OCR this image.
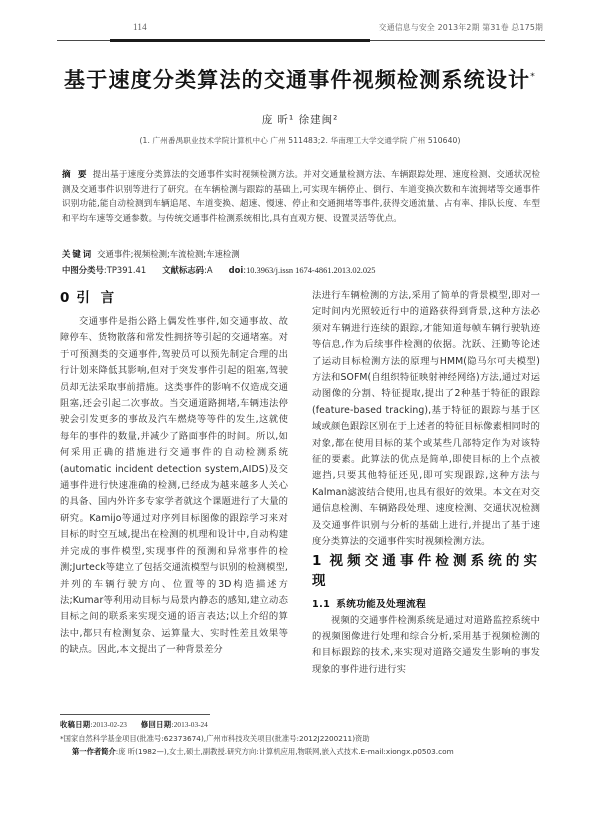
114	交通信息与安全 2013年2期 第31卷 总175期
基于速度分类算法的交通事件视频检测系统设计*
庞 昕¹ 徐建闽²
(1. 广州番禺职业技术学院计算机中心 广州 511483;2. 华南理工大学交通学院 广州 510640)

摘 要 提出基于速度分类算法的交通事件实时视频检测方法。并对交通量检测方法、车辆跟踪处理、速度检测、交通状况检测及交通事件识别等进行了研究。在车辆检测与跟踪的基础上,可实现车辆停止、倒行、车道变换次数和车流拥堵等交通事件识别功能,能自动检测到车辆追尾、车道变换、超速、慢速、停止和交通拥堵等事件,获得交通流量、占有率、排队长度、车型和平均车速等交通参数。与传统交通事件检测系统相比,具有直观方便、设置灵活等优点。

关键词 交通事件;视频检测;车流检测;车速检测
中图分类号:TP391.41 文献标志码:A doi:10.3963/j.issn 1674-4861.2013.02.025
0 引 言

交通事件是指公路上偶发性事件,如交通事故、故障停车、货物散落和常发性拥挤等引起的交通堵塞。对于可预测类的交通事件,驾驶员可以预先制定合理的出行计划来降低其影响,但对于突发事件引起的阻塞,驾驶员却无法采取事前措施。这类事件的影响不仅造成交通阻塞,还会引起二次事故。当交通道路拥堵,车辆违法停驶会引发更多的事故及汽车燃烧等等件的发生,这就使每年的事件的数量,并减少了路面事件的时间。所以,如何采用正确的措施进行交通事件的自动检测系统(automatic incident detection system,AIDS)及交通事件进行快速准确的检测,已经成为越来越多人关心的具备、国内外许多专家学者就这个课题进行了大量的研究。Kamijo等通过对序列目标图像的跟踪学习来对目标的时空互域,提出在检测的机理和设计中,自动构建并完成的事件模型,实现事件的预测和异常事件的检测;Jurteck等建立了包括交通流模型与识别的检测模型,并列的车辆行驶方向、位置等的3D构造描述方法;Kumar等利用动目标与局景内静态的感知,建立动态目标之间的联系来实现交通的语言表达;以上介绍的算法中,都只有检测复杂、运算量大、实时性差且效果等的缺点。因此,本文提出了一种背景差分

法进行车辆检测的方法,采用了简单的背景模型,即对一定时间内光照较近行中的道路获得到背景,这种方法必须对车辆进行连续的跟踪,才能知道每帧车辆行驶轨迹等信息,作为后续事件检测的依据。沈跃、汪勤等论述了运动目标检测方法的原理与HMM(隐马尔可夫模型)方法和SOFM(自组织特征映射神经网络)方法,通过对运动图像的分割、特征提取,提出了2种基于特征的跟踪(feature-based tracking),基于特征的跟踪与基于区域或颜色跟踪区别在于上述者的特征目标像素相同时的对象,都在使用目标的某个或某些几部特定作为对该特征的要素。此算法的优点是简单,即使目标的上个点被遮挡,只要其他特征还见,即可实现跟踪,这种方法与Kalman滤波结合使用,也具有很好的效果。本文在对交通信息检测、车辆路段处理、速度检测、交通状况检测及交通事件识别与分析的基础上进行,并提出了基于速度分类算法的交通事件实时视频检测方法。

1 视频交通事件检测系统的实现
1.1 系统功能及处理流程

视频的交通事件检测系统是通过对道路监控系统中的视频图像进行处理和综合分析,采用基于视频检测的和目标跟踪的技术,来实现对道路交通发生影响的事发现象的事件进行进行实

收稿日期:2013-02-23 修回日期:2013-03-24

*国家自然科学基金项目(批准号:62373674),广州市科技攻关项目(批准号:2012J2200211)资助

第一作者简介:庞 昕(1982—),女士,硕士,副教授.研究方向:计算机应用,物联网,嵌入式技术.E-mail:xiongx.p0503.com
